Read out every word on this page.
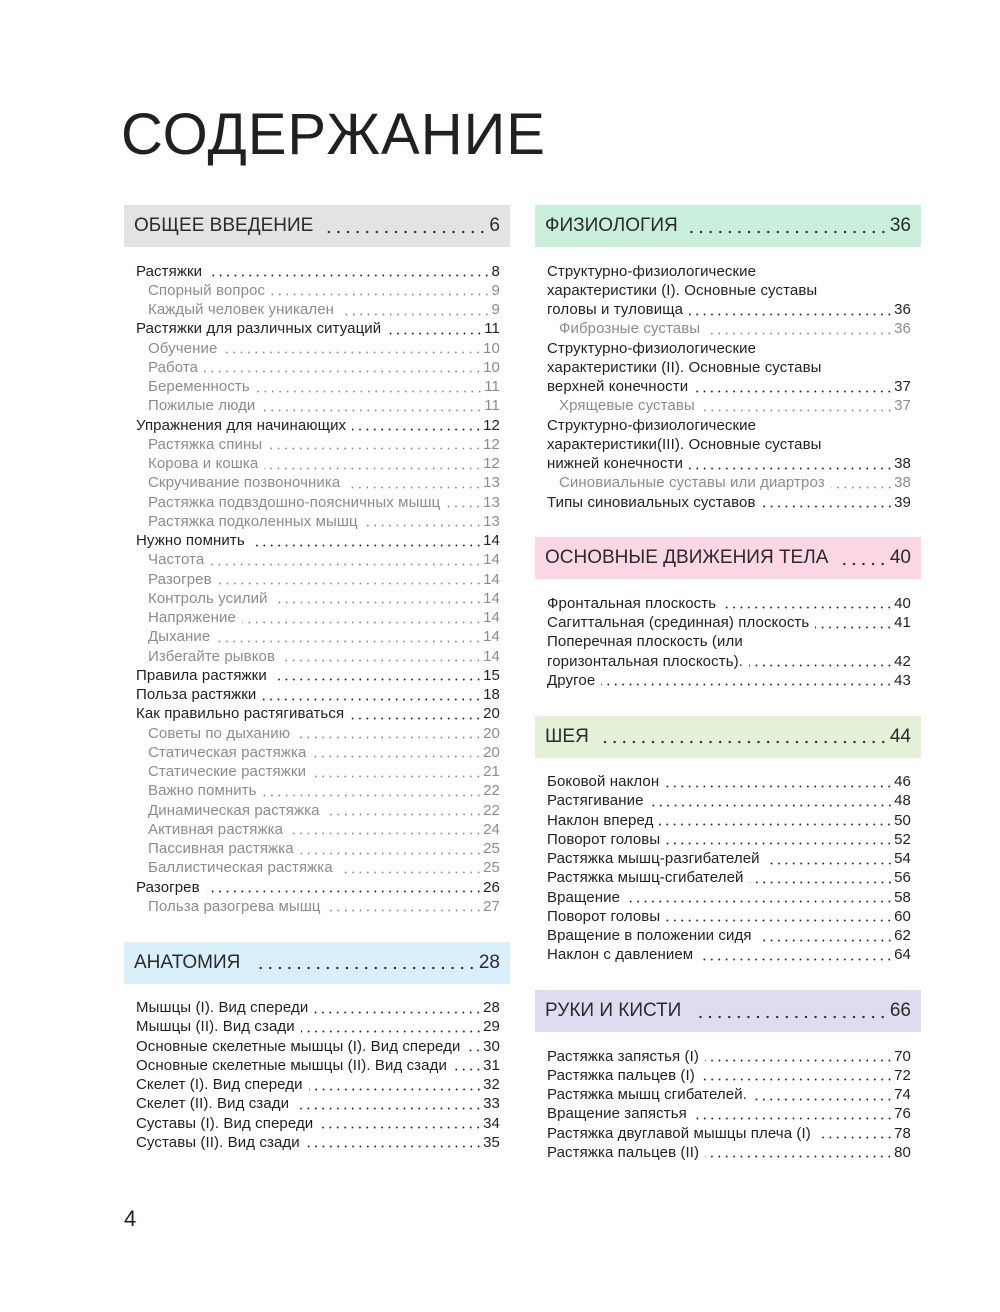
СОДЕРЖАНИЕ
ОБЩЕЕ ВВЕДЕНИЕ	6
Растяжки	8
Спорный вопрос	9
Каждый человек уникален	9
Растяжки для различных ситуаций	11
Обучение	10
Работа	10
Беременность	11
Пожилые люди	11
Упражнения для начинающих	12
Растяжка спины	12
Корова и кошка	12
Скручивание позвоночника	13
Растяжка подвздошно-поясничных мышц	13
Растяжка подколенных мышц	13
Нужно помнить	14
Частота	14
Разогрев	14
Контроль усилий	14
Напряжение	14
Дыхание	14
Избегайте рывков	14
Правила растяжки	15
Польза растяжки	18
Как правильно растягиваться	20
Советы по дыханию	20
Статическая растяжка	20
Статические растяжки	21
Важно помнить	22
Динамическая растяжка	22
Активная растяжка	24
Пассивная растяжка	25
Баллистическая растяжка	25
Разогрев	26
Польза разогрева мышц	27
АНАТОМИЯ	28
Мышцы (I). Вид спереди	28
Мышцы (II). Вид сзади	29
Основные скелетные мышцы (I). Вид спереди 30
Основные скелетные мышцы (II). Вид сзади 31
Скелет (I). Вид спереди	32
Скелет (II). Вид сзади	33
Суставы (I). Вид спереди	34
Суставы (II). Вид сзади	35
ФИЗИОЛОГИЯ	36
Структурно-физиологические
характеристики (I). Основные суставы
головы и туловища	36
Фиброзные суставы	36
Структурно-физиологические
характеристики (II). Основные суставы
верхней конечности	37
Хрящевые суставы	37
Структурно-физиологические
характеристики(III). Основные суставы
нижней конечности	38
Синовиальные суставы или диартроз	38
Типы синовиальных суставов	39
ОСНОВНЫЕ ДВИЖЕНИЯ ТЕЛА	40
Фронтальная плоскость	40
Сагиттальная (срединная) плоскость	41
Поперечная плоскость (или
горизонтальная плоскость).	42
Другое	43
ШЕЯ	44
Боковой наклон	46
Растягивание	48
Наклон вперед	50
Поворот головы	52
Растяжка мышц-разгибателей	54
Растяжка мышц-сгибателей	56
Вращение	58
Поворот головы	60
Вращение в положении сидя	62
Наклон с давлением	64
РУКИ И КИСТИ	66
Растяжка запястья (I)	70
Растяжка пальцев (I)	72
Растяжка мышц сгибателей.	74
Вращение запястья	76
Растяжка двуглавой мышцы плеча (I)	78
Растяжка пальцев (II)	80
4
